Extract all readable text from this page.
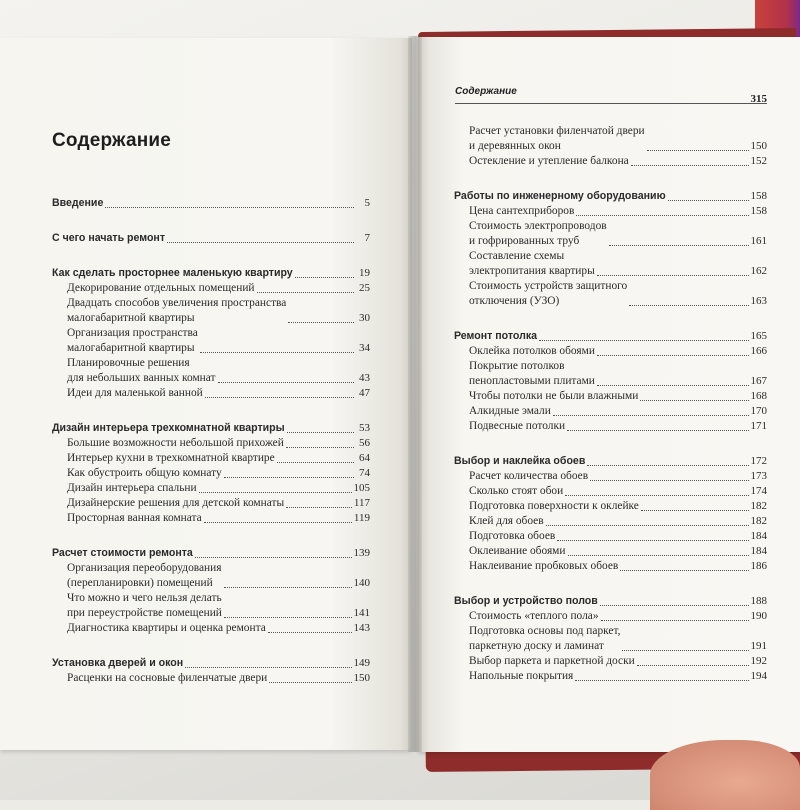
Содержание
Содержание
315
Введение	5
С чего начать ремонт	7
Как сделать просторнее маленькую квартиру	19
Декорирование отдельных помещений	25
Двадцать способов увеличения пространства
малогабаритной квартиры	30
Организация пространства
малогабаритной квартиры	34
Планировочные решения
для небольших ванных комнат	43
Идеи для маленькой ванной	47
Дизайн интерьера трехкомнатной квартиры	53
Большие возможности небольшой прихожей	56
Интерьер кухни в трехкомнатной квартире	64
Как обустроить общую комнату	74
Дизайн интерьера спальни	105
Дизайнерские решения для детской комнаты	117
Просторная ванная комната	119
Расчет стоимости ремонта	139
Организация переоборудования
(перепланировки) помещений	140
Что можно и чего нельзя делать
при переустройстве помещений	141
Диагностика квартиры и оценка ремонта	143
Установка дверей и окон	149
Расценки на сосновые филенчатые двери	150
Расчет установки филенчатой двери
и деревянных окон	150
Остекление и утепление балкона	152
Работы по инженерному оборудованию	158
Цена сантехприборов	158
Стоимость электропроводов
и гофрированных труб	161
Составление схемы
электропитания квартиры	162
Стоимость устройств защитного
отключения (УЗО)	163
Ремонт потолка	165
Оклейка потолков обоями	166
Покрытие потолков
пенопластовыми плитами	167
Чтобы потолки не были влажными	168
Алкидные эмали	170
Подвесные потолки	171
Выбор и наклейка обоев	172
Расчет количества обоев	173
Сколько стоят обои	174
Подготовка поверхности к оклейке	182
Клей для обоев	182
Подготовка обоев	184
Оклеивание обоями	184
Наклеивание пробковых обоев	186
Выбор и устройство полов	188
Стоимость «теплого пола»	190
Подготовка основы под паркет,
паркетную доску и ламинат	191
Выбор паркета и паркетной доски	192
Напольные покрытия	194
